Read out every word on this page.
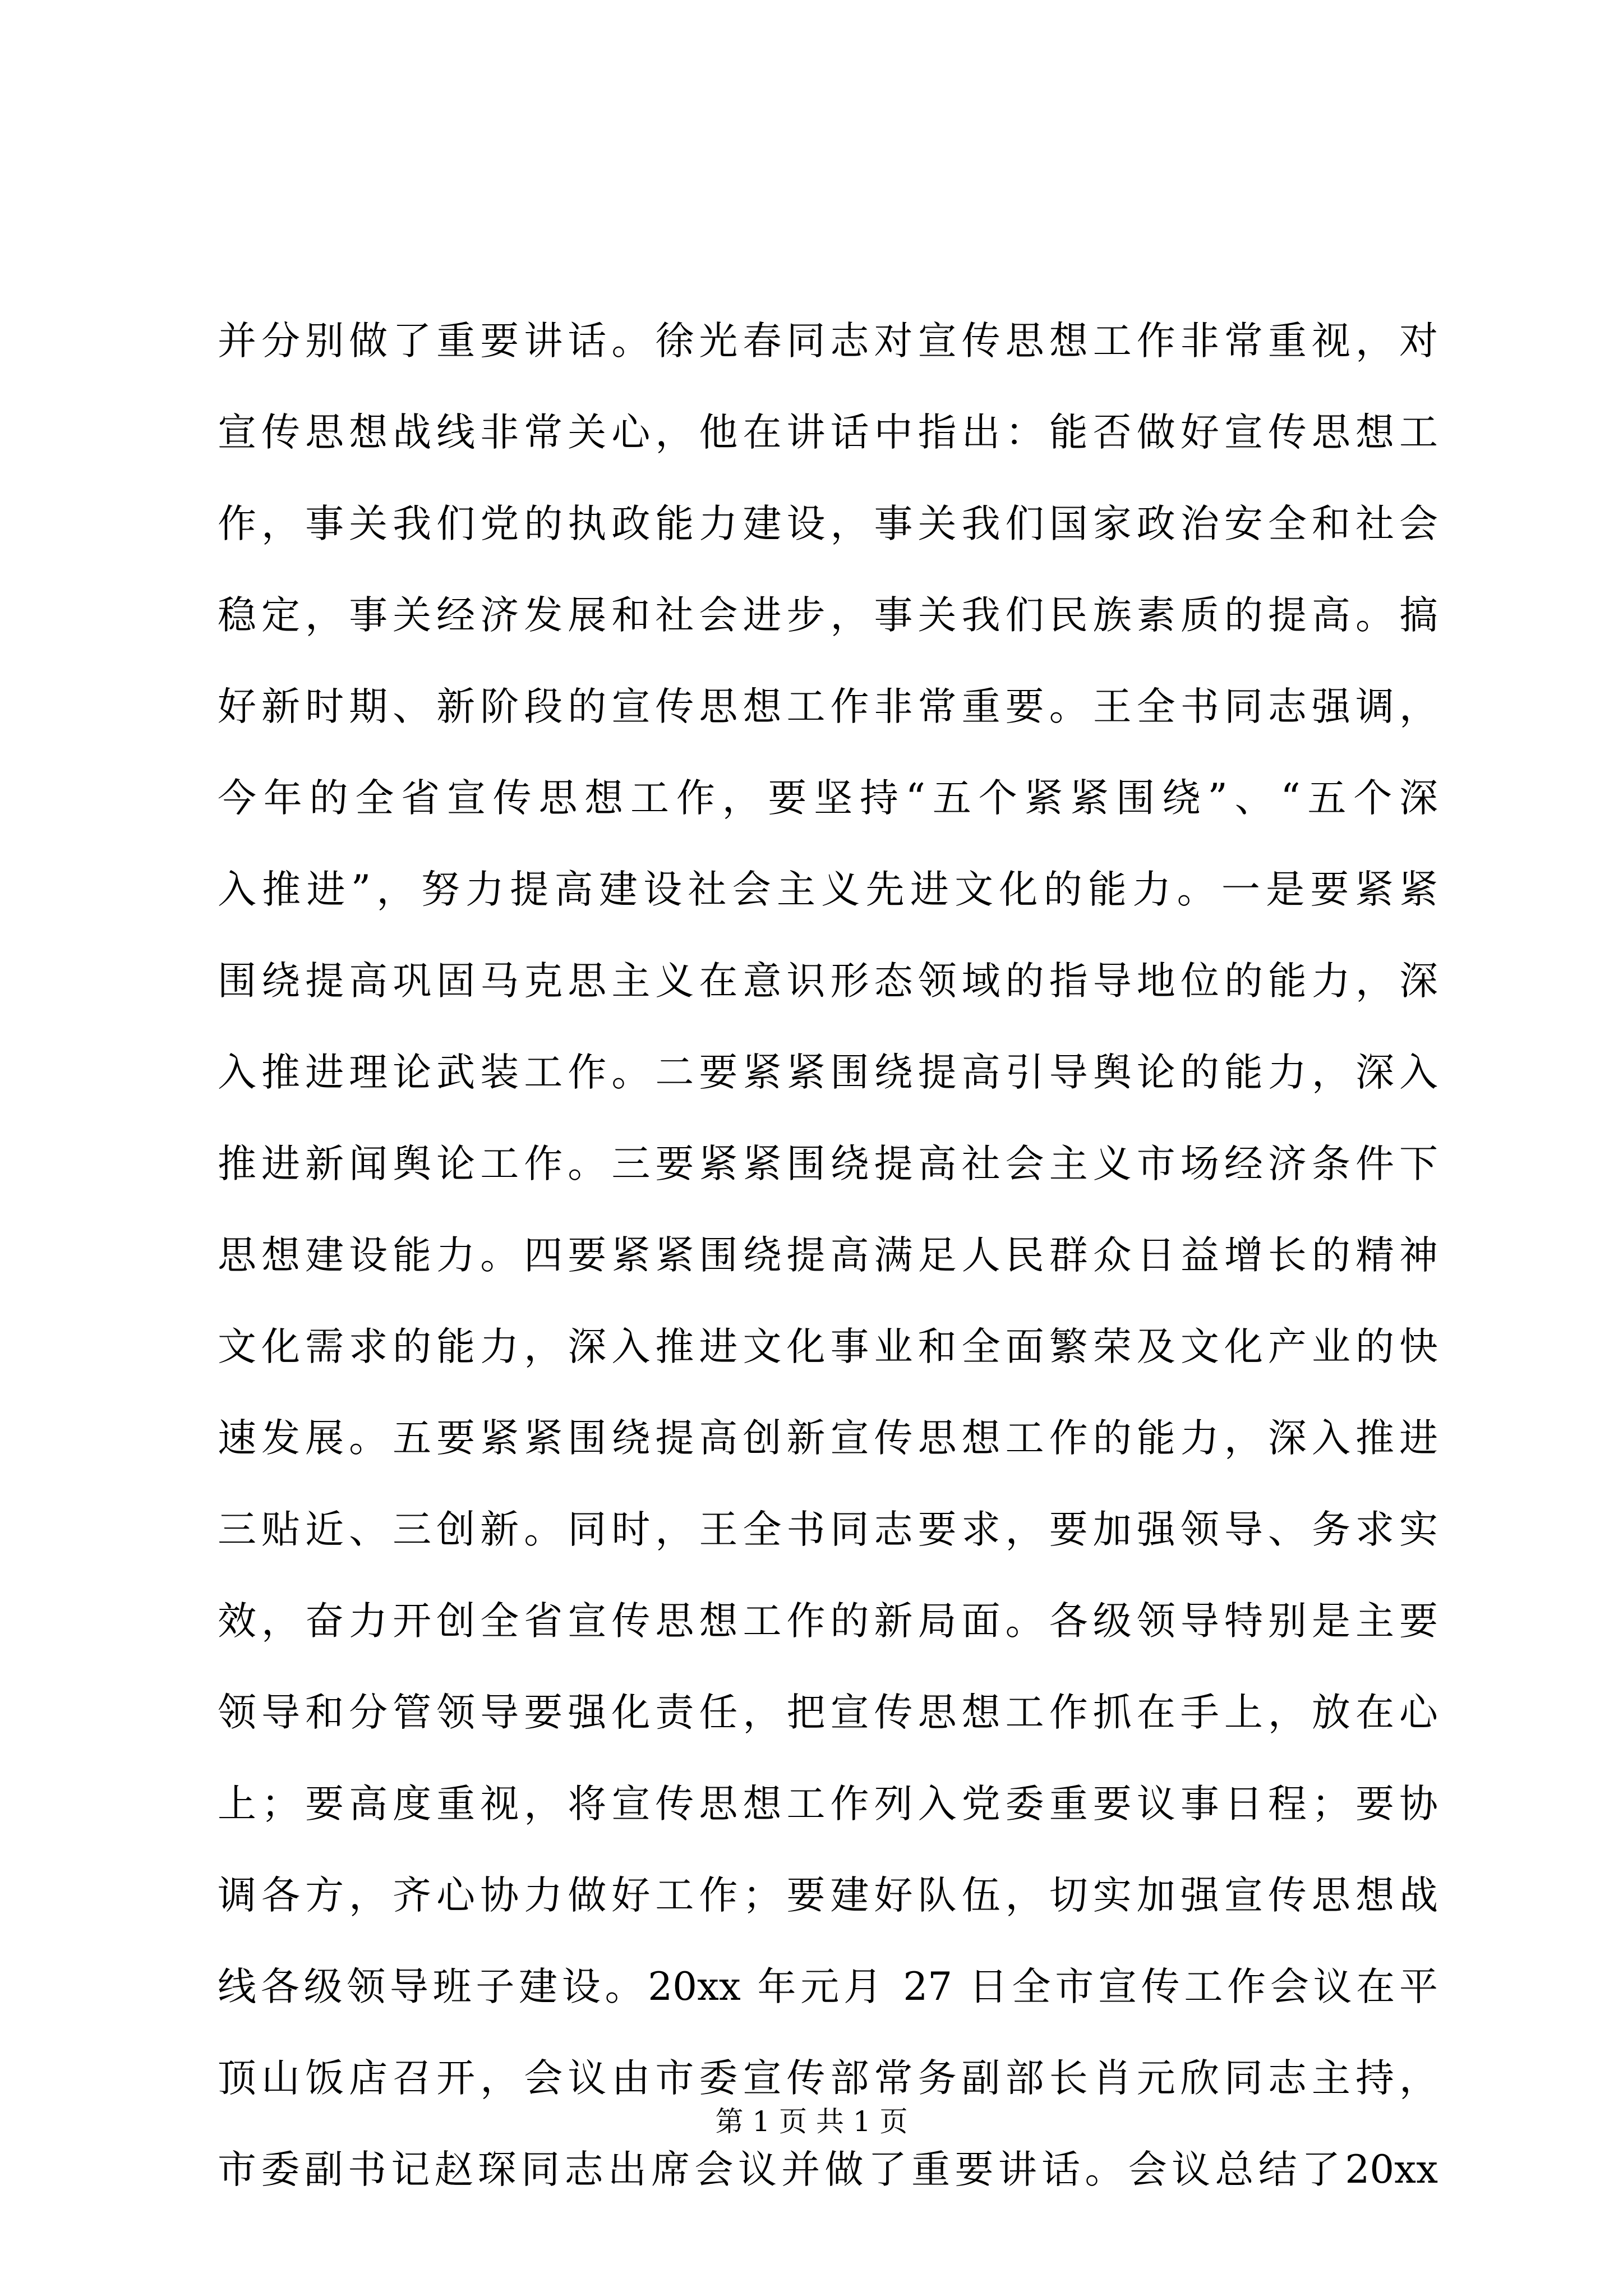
并分别做了重要讲话。徐光春同志对宣传思想工作非常重视，对
宣传思想战线非常关心，他在讲话中指出：能否做好宣传思想工
作，事关我们党的执政能力建设，事关我们国家政治安全和社会
稳定，事关经济发展和社会进步，事关我们民族素质的提高。搞
好新时期、新阶段的宣传思想工作非常重要。王全书同志强调，
今年的全省宣传思想工作，要坚持“五个紧紧围绕”、“五个深
入推进”，努力提高建设社会主义先进文化的能力。一是要紧紧
围绕提高巩固马克思主义在意识形态领域的指导地位的能力，深
入推进理论武装工作。二要紧紧围绕提高引导舆论的能力，深入
推进新闻舆论工作。三要紧紧围绕提高社会主义市场经济条件下
思想建设能力。四要紧紧围绕提高满足人民群众日益增长的精神
文化需求的能力，深入推进文化事业和全面繁荣及文化产业的快
速发展。五要紧紧围绕提高创新宣传思想工作的能力，深入推进
三贴近、三创新。同时，王全书同志要求，要加强领导、务求实
效，奋力开创全省宣传思想工作的新局面。各级领导特别是主要
领导和分管领导要强化责任，把宣传思想工作抓在手上，放在心
上；要高度重视，将宣传思想工作列入党委重要议事日程；要协
调各方，齐心协力做好工作；要建好队伍，切实加强宣传思想战
线各级领导班子建设。20xx 年元月 27 日全市宣传工作会议在平
顶山饭店召开，会议由市委宣传部常务副部长肖元欣同志主持，
市委副书记赵琛同志出席会议并做了重要讲话。会议总结了20xx
第 1 页 共 1 页
